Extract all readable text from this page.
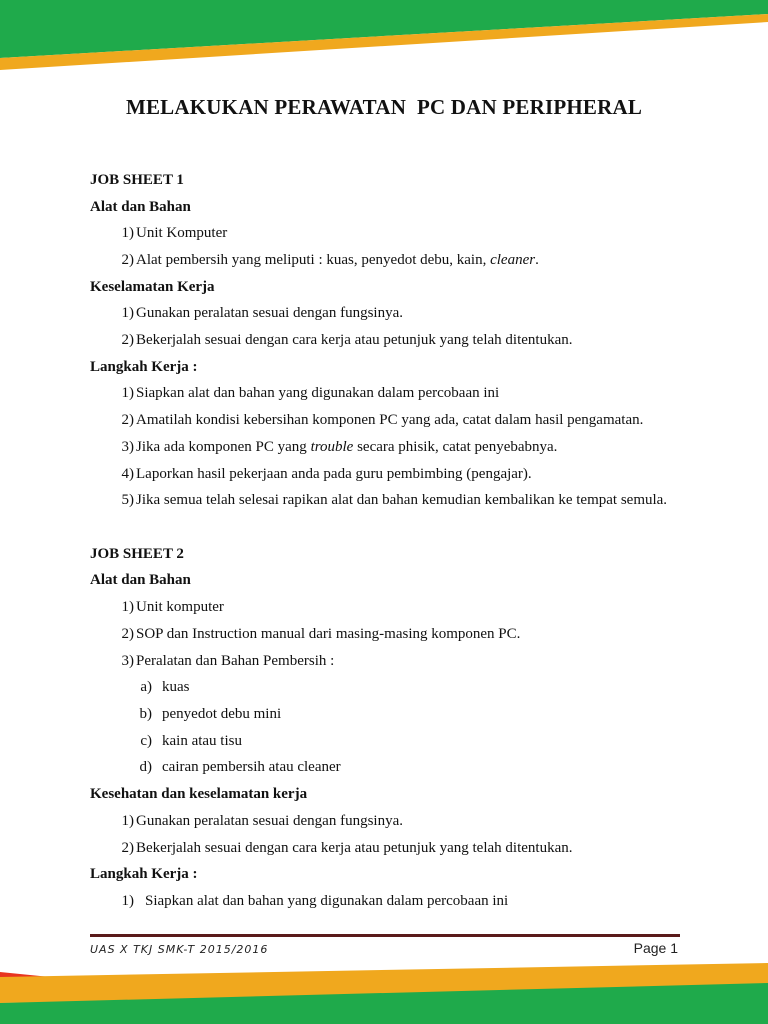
MELAKUKAN PERAWATAN  PC DAN PERIPHERAL
JOB SHEET 1
Alat dan Bahan
1) Unit Komputer
2) Alat pembersih yang meliputi : kuas, penyedot debu, kain, cleaner.
Keselamatan Kerja
1) Gunakan peralatan sesuai dengan fungsinya.
2) Bekerjalah sesuai dengan cara kerja atau petunjuk yang telah ditentukan.
Langkah Kerja :
1) Siapkan alat dan bahan yang digunakan dalam percobaan ini
2) Amatilah kondisi kebersihan komponen PC yang ada, catat dalam hasil pengamatan.
3) Jika ada komponen PC yang trouble secara phisik, catat penyebabnya.
4) Laporkan hasil pekerjaan anda pada guru pembimbing (pengajar).
5) Jika semua telah selesai rapikan alat dan bahan kemudian kembalikan ke tempat semula.
JOB SHEET 2
Alat dan Bahan
1) Unit komputer
2) SOP dan Instruction manual dari masing-masing komponen PC.
3) Peralatan dan Bahan Pembersih :
a) kuas
b) penyedot debu mini
c) kain atau tisu
d) cairan pembersih atau cleaner
Kesehatan dan keselamatan kerja
1) Gunakan peralatan sesuai dengan fungsinya.
2) Bekerjalah sesuai dengan cara kerja atau petunjuk yang telah ditentukan.
Langkah Kerja :
1) Siapkan alat dan bahan yang digunakan dalam percobaan ini
UAS X TKJ SMK-T 2015/2016	Page 1
